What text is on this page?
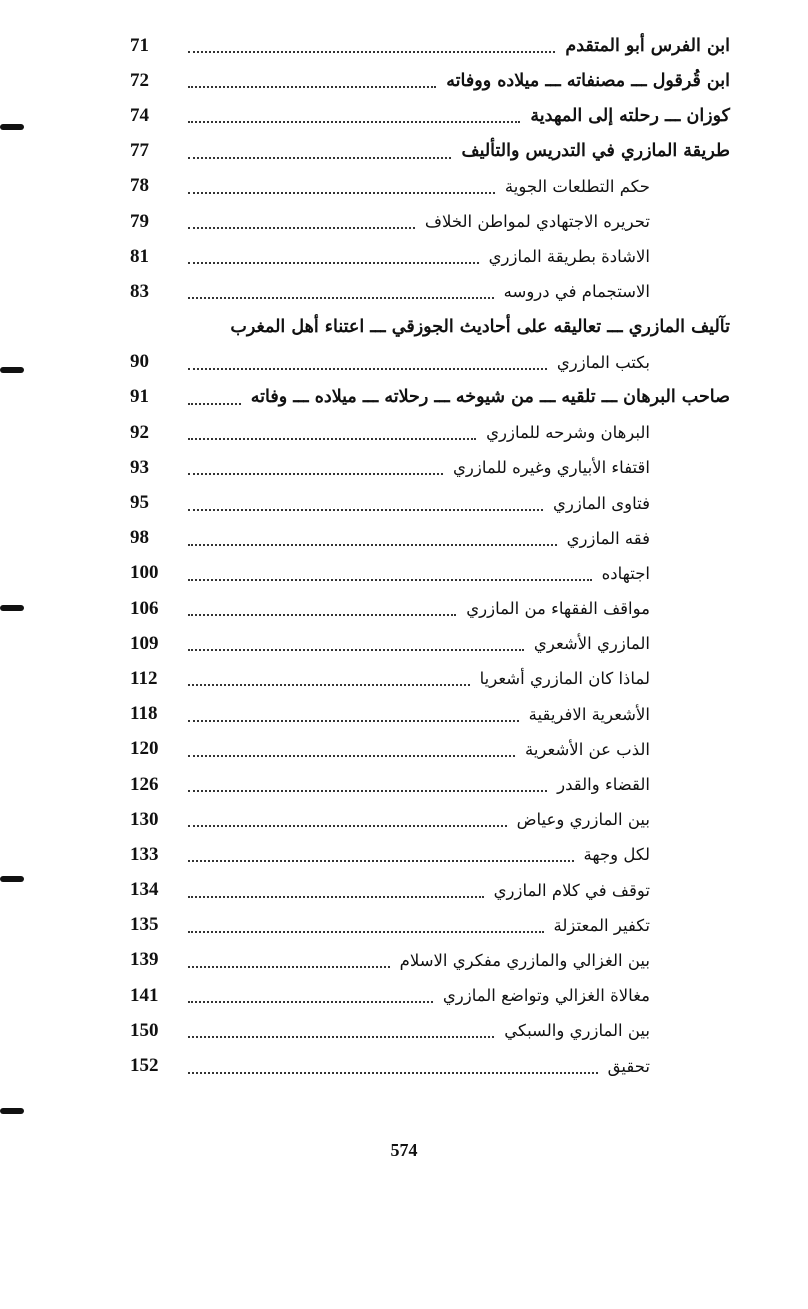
ابن الفرس أبو المتقدم
71
ابن قُرقول ـــ مصنفاته ـــ ميلاده ووفاته
72
كوزان ـــ رحلته إلى المهدية
74
طريقة المازري في التدريس والتأليف
77
حكم التطلعات الجوية
78
تحريره الاجتهادي لمواطن الخلاف
79
الاشادة بطريقة المازري
81
الاستجمام في دروسه
83
تآليف المازري ـــ تعاليقه على أحاديث الجوزقي ـــ اعتناء أهل المغرب
بكتب المازري
90
صاحب البرهان ـــ تلقيه ـــ من شيوخه ـــ رحلاته ـــ ميلاده ـــ وفاته
91
البرهان وشرحه للمازري
92
اقتفاء الأبياري وغيره للمازري
93
فتاوى المازري
95
فقه المازري
98
اجتهاده
100
مواقف الفقهاء من المازري
106
المازري الأشعري
109
لماذا كان المازري أشعريا
112
الأشعرية الافريقية
118
الذب عن الأشعرية
120
القضاء والقدر
126
بين المازري وعياض
130
لكل وجهة
133
توقف في كلام المازري
134
تكفير المعتزلة
135
بين الغزالي والمازري مفكري الاسلام
139
مغالاة الغزالي وتواضع المازري
141
بين المازري والسبكي
150
تحقيق
152
574
